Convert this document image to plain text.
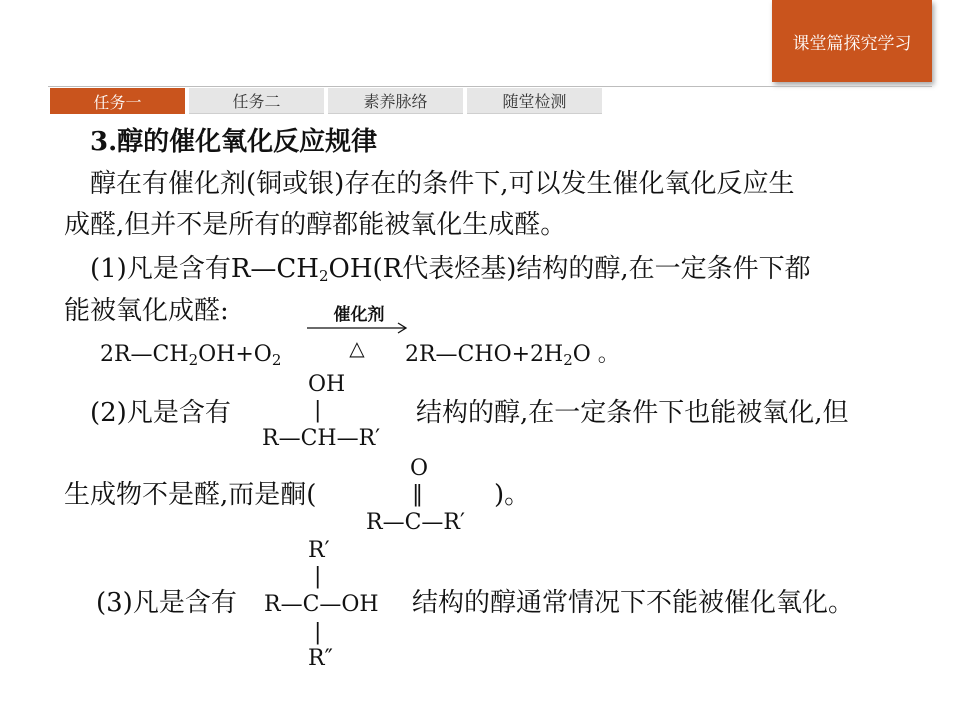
课堂篇探究学习
任务一	任务二	素养脉络	随堂检测
3.醇的催化氧化反应规律
醇在有催化剂(铜或银)存在的条件下,可以发生催化氧化反应生
成醛,但并不是所有的醇都能被氧化生成醛。
(1)凡是含有$R—CH_2OH(R$代表烃基)结构的醇,在一定条件下都
能被氧化成醛:
$2R—CH_2OH+O_2$
催化剂
△	$2R—CHO+2H_2O$ 。
(2)凡是含有
OH
|
R—CH—R′
结构的醇,在一定条件下也能被氧化,但
生成物不是醛,而是酮(
O
‖
R—C—R′
)。
(3)凡是含有
R′
|
R—C—OH
|
R″
结构的醇通常情况下不能被催化氧化。
